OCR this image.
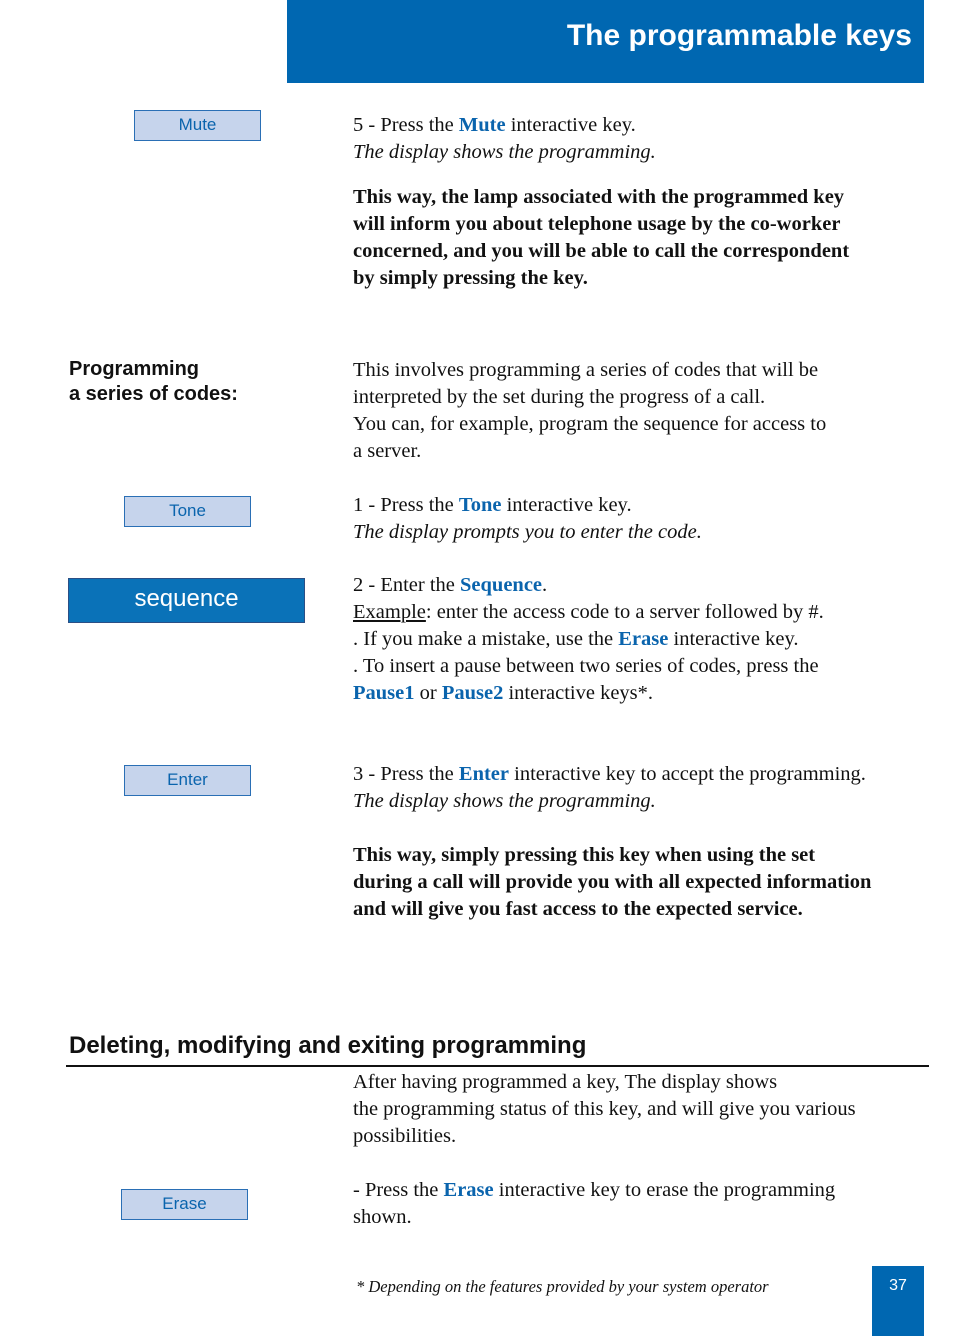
The programmable keys
Mute	5 - Press the Mute interactive key.

The display shows the programming.

This way, the lamp associated with the programmed key

will inform you about telephone usage by the co-worker

concerned, and you will be able to call the correspondent

by simply pressing the key.

Programming
a series of codes:

This involves programming a series of codes that will be

interpreted by the set during the progress of a call.

You can, for example, program the sequence for access to

a server.

Tone	1 - Press the Tone interactive key.

The display prompts you to enter the code.

sequence	2 - Enter the Sequence.

Example: enter the access code to a server followed by #.

. If you make a mistake, use the Erase interactive key.

. To insert a pause between two series of codes, press the

Pause1 or Pause2 interactive keys*.

Enter	3 - Press the Enter interactive key to accept the programming.

The display shows the programming.

This way, simply pressing this key when using the set

during a call will provide you with all expected information

and will give you fast access to the expected service.

Deleting, modifying and exiting programming

After having programmed a key, The display shows

the programming status of this key, and will give you various

possibilities.

Erase

- Press the Erase interactive key to erase the programming

shown.

* Depending on the features provided by your system operator	37
